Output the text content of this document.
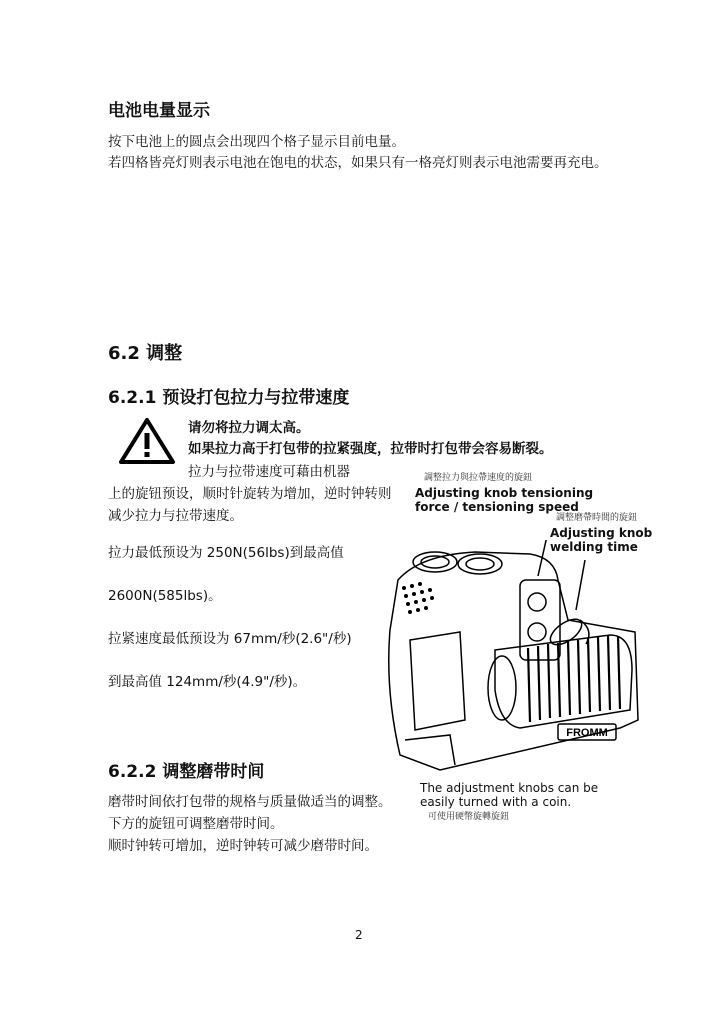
电池电量显示
按下电池上的圆点会出现四个格子显示目前电量。
若四格皆亮灯则表示电池在饱电的状态，如果只有一格亮灯则表示电池需要再充电。
6.2 调整
6.2.1 预设打包拉力与拉带速度
请勿将拉力调太高。
如果拉力高于打包带的拉紧强度，拉带时打包带会容易断裂。
拉力与拉带速度可藉由机器
上的旋钮预设，顺时针旋转为增加，逆时钟转则减少拉力与拉带速度。
拉力最低预设为 250N(56lbs)到最高值
2600N(585lbs)。
拉紧速度最低预设为 67mm/秒(2.6"/秒)
到最高值 124mm/秒(4.9"/秒)。
調整拉力與拉帶速度的旋鈕
Adjusting knob tensioning force / tensioning speed
調整磨帶時間的旋鈕
Adjusting knob welding time
FROMM
The adjustment knobs can be easily turned with a coin.
可使用硬幣旋轉旋鈕
6.2.2 调整磨带时间
磨带时间依打包带的规格与质量做适当的调整。
下方的旋钮可调整磨带时间。
顺时钟转可增加，逆时钟转可减少磨带时间。
2
